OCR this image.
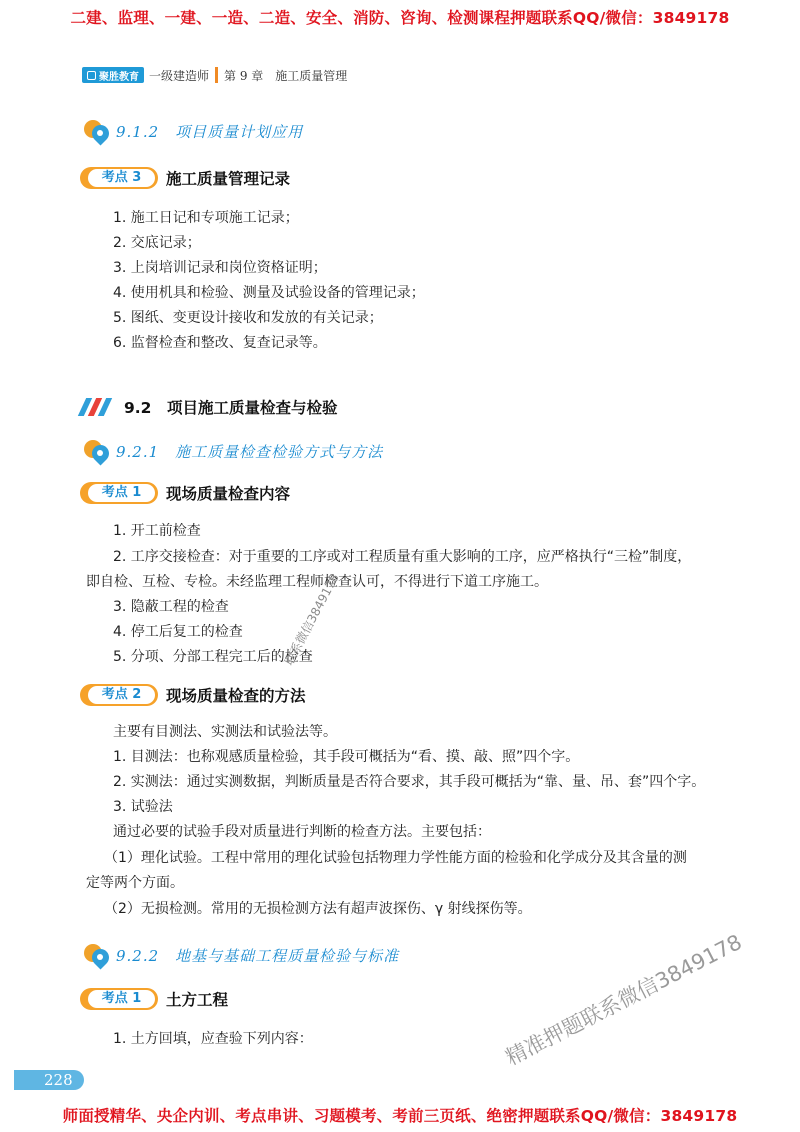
二建、监理、一建、一造、二造、安全、消防、咨询、检测课程押题联系QQ/微信：3849178
聚胜教育 一级建造师 第 9 章　施工质量管理
9.1.2　项目质量计划应用
考点 3	施工质量管理记录
1. 施工日记和专项施工记录；
2. 交底记录；
3. 上岗培训记录和岗位资格证明；
4. 使用机具和检验、测量及试验设备的管理记录；
5. 图纸、变更设计接收和发放的有关记录；
6. 监督检查和整改、复查记录等。
9.2　项目施工质量检查与检验
9.2.1　施工质量检查检验方式与方法
考点 1	现场质量检查内容
1. 开工前检查
2. 工序交接检查：对于重要的工序或对工程质量有重大影响的工序，应严格执行“三检”制度，
即自检、互检、专检。未经监理工程师检查认可，不得进行下道工序施工。
3. 隐蔽工程的检查
4. 停工后复工的检查
5. 分项、分部工程完工后的检查
考点 2	现场质量检查的方法
主要有目测法、实测法和试验法等。
1. 目测法：也称观感质量检验，其手段可概括为“看、摸、敲、照”四个字。
2. 实测法：通过实测数据，判断质量是否符合要求，其手段可概括为“靠、量、吊、套”四个字。
3. 试验法
通过必要的试验手段对质量进行判断的检查方法。主要包括：
（1）理化试验。工程中常用的理化试验包括物理力学性能方面的检验和化学成分及其含量的测
定等两个方面。
（2）无损检测。常用的无损检测方法有超声波探伤、γ 射线探伤等。
9.2.2　地基与基础工程质量检验与标准
考点 1	土方工程
1. 土方回填，应查验下列内容：
228
联系微信3849178
精准押题联系微信3849178
师面授精华、央企内训、考点串讲、习题模考、考前三页纸、绝密押题联系QQ/微信：3849178
